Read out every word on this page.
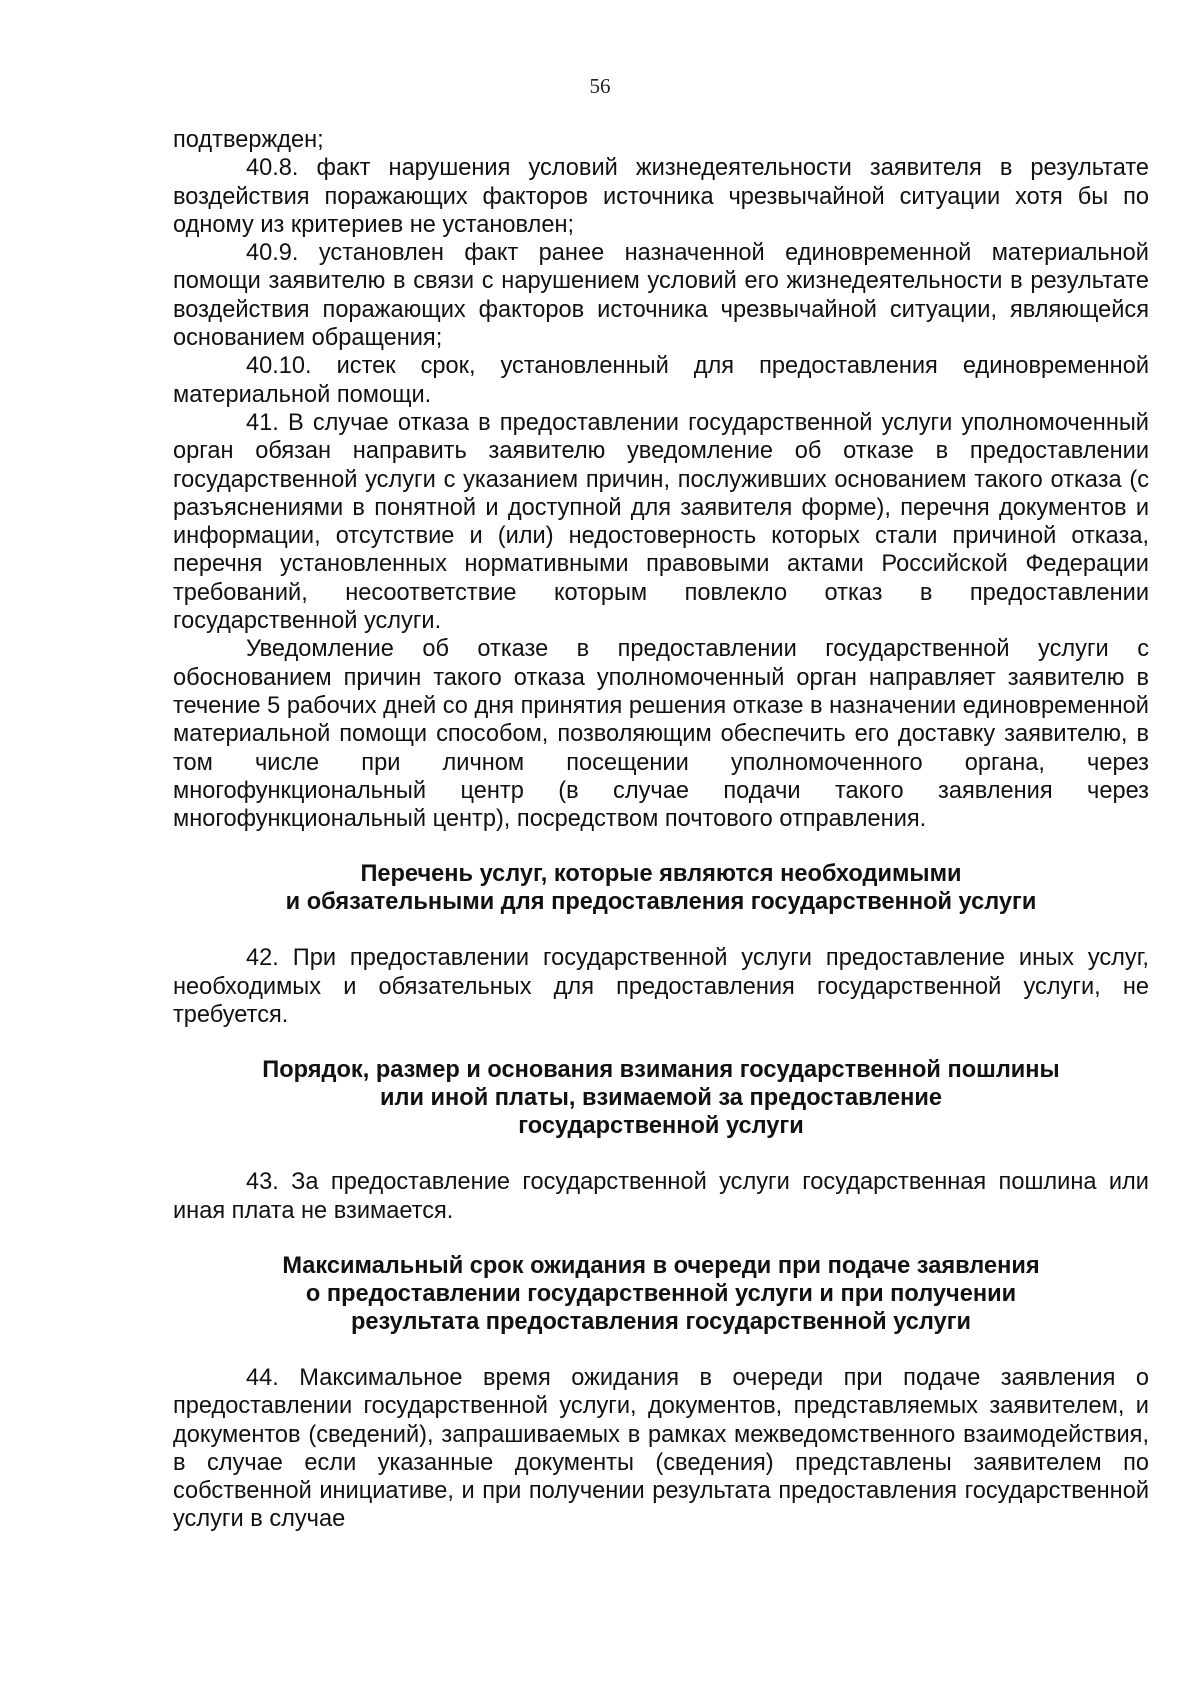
56

подтвержден;

40.8. факт нарушения условий жизнедеятельности заявителя в результате воздействия поражающих факторов источника чрезвычайной ситуации хотя бы по одному из критериев не установлен;

40.9. установлен факт ранее назначенной единовременной материальной помощи заявителю в связи с нарушением условий его жизнедеятельности в результате воздействия поражающих факторов источника чрезвычайной ситуации, являющейся основанием обращения;

40.10. истек срок, установленный для предоставления единовременной материальной помощи.

41. В случае отказа в предоставлении государственной услуги уполномоченный орган обязан направить заявителю уведомление об отказе в предоставлении государственной услуги с указанием причин, послуживших основанием такого отказа (с разъяснениями в понятной и доступной для заявителя форме), перечня документов и информации, отсутствие и (или) недостоверность которых стали причиной отказа, перечня установленных нормативными правовыми актами Российской Федерации требований, несоответствие которым повлекло отказ в предоставлении государственной услуги.

Уведомление об отказе в предоставлении государственной услуги с обоснованием причин такого отказа уполномоченный орган направляет заявителю в течение 5 рабочих дней со дня принятия решения отказе в назначении единовременной материальной помощи способом, позволяющим обеспечить его доставку заявителю, в том числе при личном посещении уполномоченного органа, через многофункциональный центр (в случае подачи такого заявления через многофункциональный центр), посредством почтового отправления.

Перечень услуг, которые являются необходимыми
и обязательными для предоставления государственной услуги

42. При предоставлении государственной услуги предоставление иных услуг, необходимых и обязательных для предоставления государственной услуги, не требуется.

Порядок, размер и основания взимания государственной пошлины
или иной платы, взимаемой за предоставление
государственной услуги

43. За предоставление государственной услуги государственная пошлина или иная плата не взимается.

Максимальный срок ожидания в очереди при подаче заявления
о предоставлении государственной услуги и при получении
результата предоставления государственной услуги

44. Максимальное время ожидания в очереди при подаче заявления о предоставлении государственной услуги, документов, представляемых заявителем, и документов (сведений), запрашиваемых в рамках межведомственного взаимодействия, в случае если указанные документы (сведения) представлены заявителем по собственной инициативе, и при получении результата предоставления государственной услуги в случае
